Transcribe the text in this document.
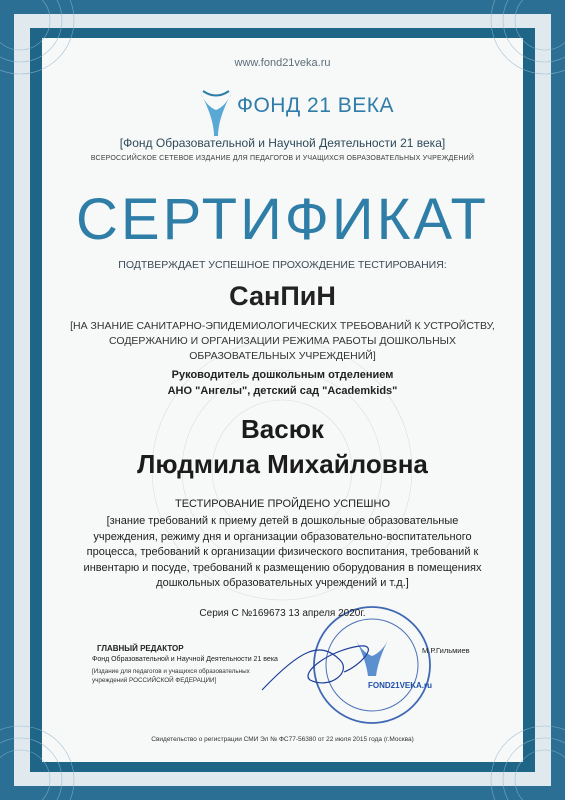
www.fond21veka.ru
ФОНД 21 ВЕКА
[Фонд Образовательной и Научной Деятельности 21 века]
ВСЕРОССИЙСКОЕ СЕТЕВОЕ ИЗДАНИЕ ДЛЯ ПЕДАГОГОВ И УЧАЩИХСЯ ОБРАЗОВАТЕЛЬНЫХ УЧРЕЖДЕНИЙ
СЕРТИФИКАТ
ПОДТВЕРЖДАЕТ УСПЕШНОЕ ПРОХОЖДЕНИЕ ТЕСТИРОВАНИЯ:
СанПиН
[НА ЗНАНИЕ САНИТАРНО-ЭПИДЕМИОЛОГИЧЕСКИХ ТРЕБОВАНИЙ К УСТРОЙСТВУ,
СОДЕРЖАНИЮ И ОРГАНИЗАЦИИ РЕЖИМА РАБОТЫ ДОШКОЛЬНЫХ
ОБРАЗОВАТЕЛЬНЫХ УЧРЕЖДЕНИЙ]
Руководитель дошкольным отделением
АНО "Ангелы", детский сад "Academkids"
Васюк
Людмила Михайловна
ТЕСТИРОВАНИЕ ПРОЙДЕНО УСПЕШНО
[знание требований к приему детей в дошкольные образовательные
учреждения, режиму дня и организации образовательно-воспитательного
процесса, требований к организации физического воспитания, требований к
инвентарю и посуде, требований к размещению оборудования в помещениях
дошкольных образовательных учреждений и т.д.]
Серия С №169673 13 апреля 2020г.
ГЛАВНЫЙ РЕДАКТОР
Фонд Образовательной и Научной Деятельности 21 века
[Издание для педагогов и учащихся образовательных
учреждений РОССИЙСКОЙ ФЕДЕРАЦИИ]
М.Р.Гильмиев
FOND21VEKA.ru
Свидетельство о регистрации СМИ Эл № ФС77-56380 от 22 июля 2015 года (г.Москва)
